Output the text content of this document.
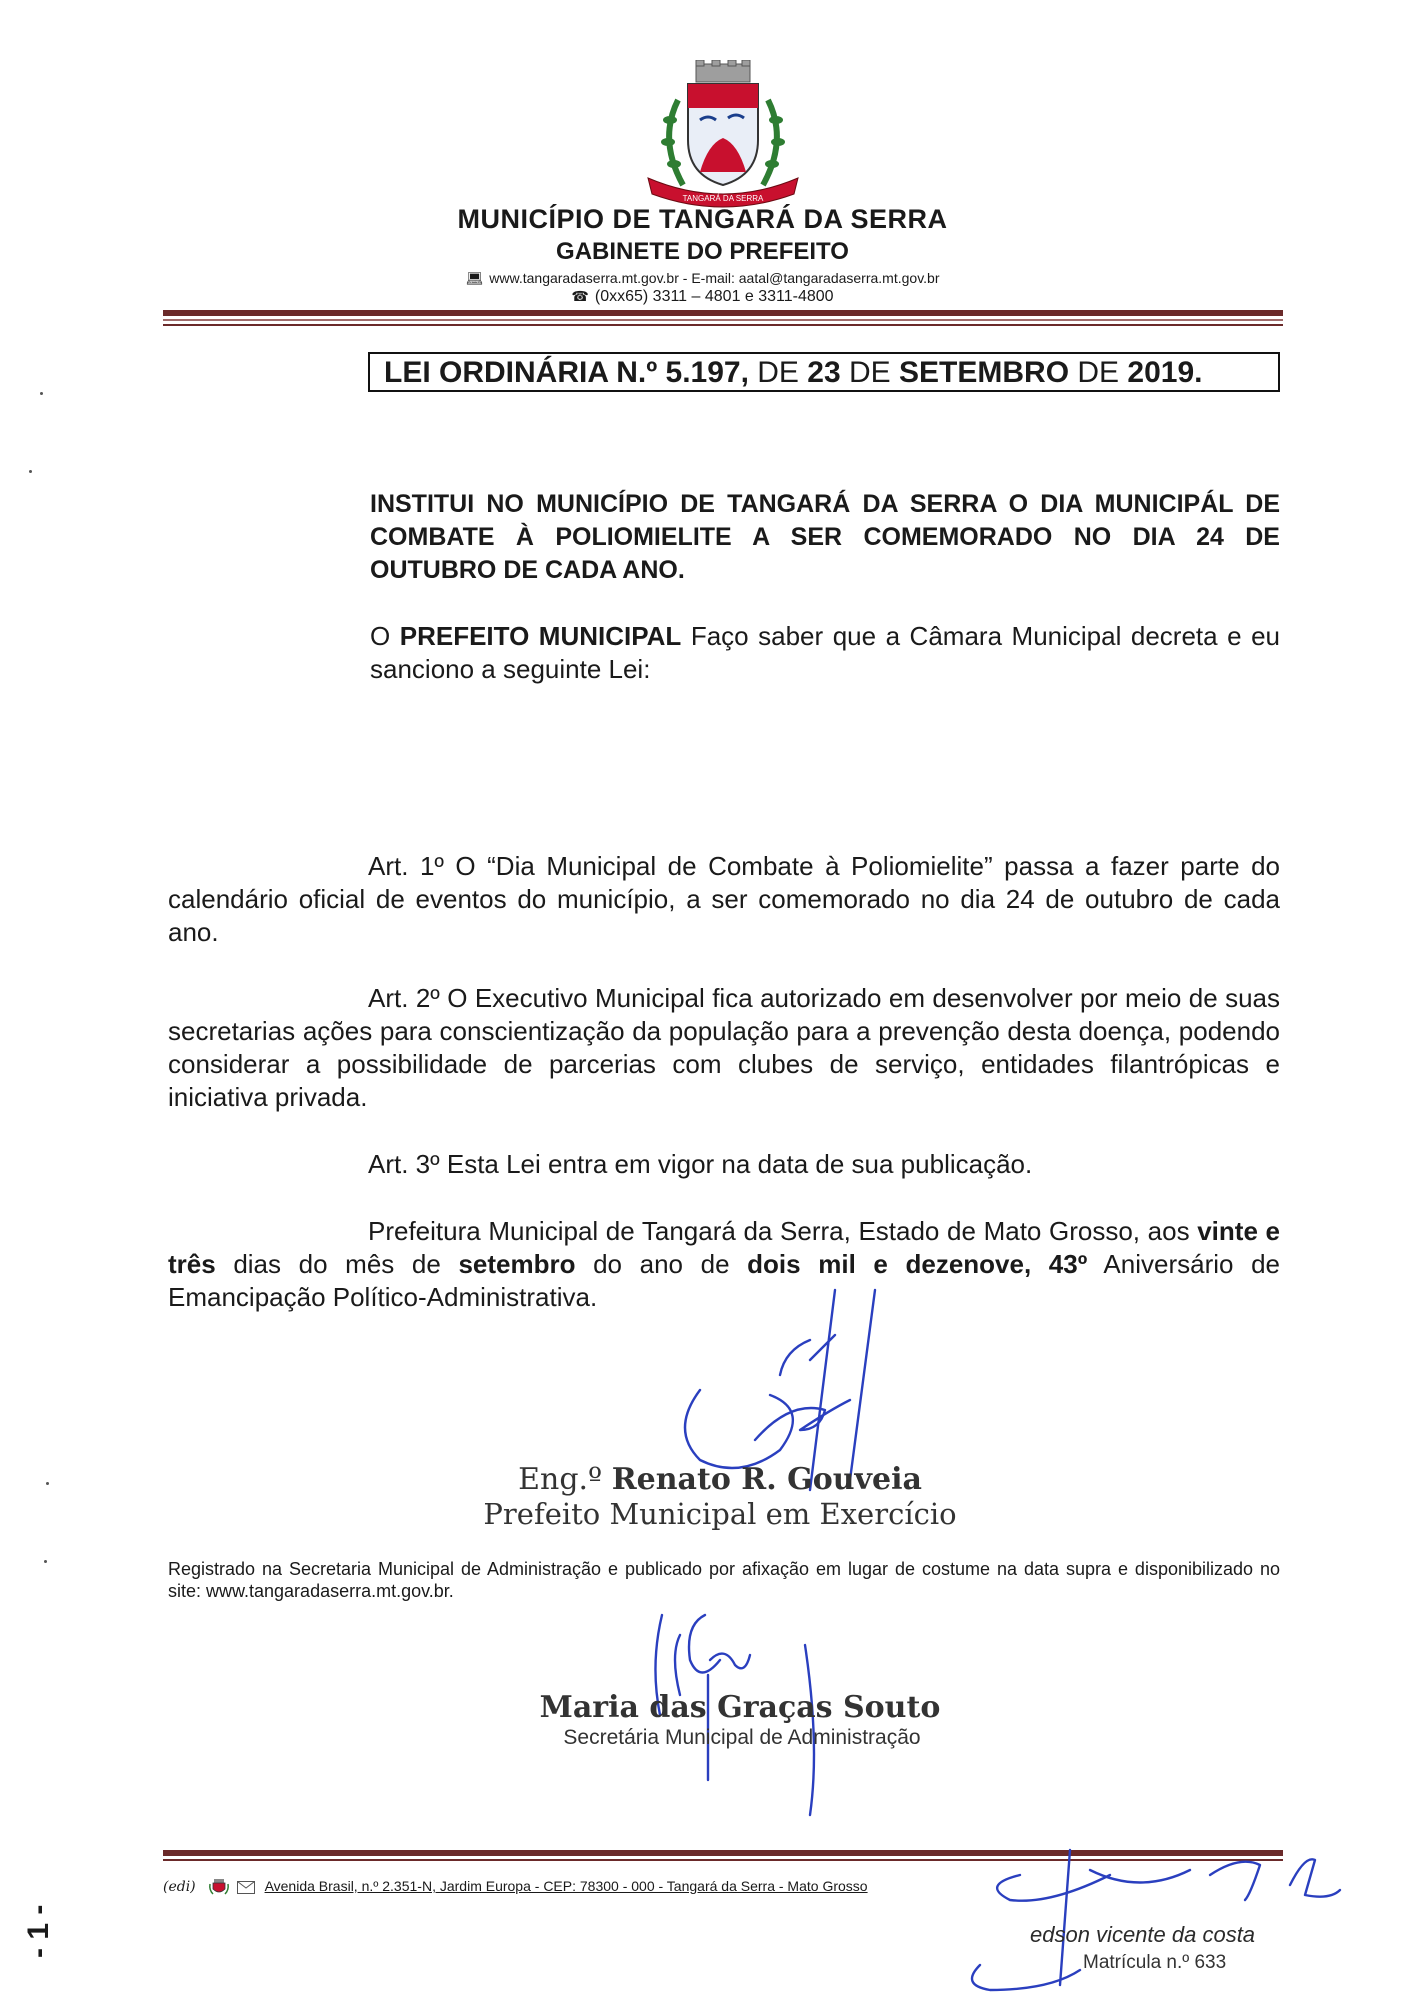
TANGARÁ DA SERRA
MUNICÍPIO DE TANGARÁ DA SERRA
GABINETE DO PREFEITO
💻︎ www.tangaradaserra.mt.gov.br - E-mail: aatal@tangaradaserra.mt.gov.br
☎ (0xx65) 3311 – 4801 e 3311-4800
LEI ORDINÁRIA N.º 5.197, DE 23 DE SETEMBRO DE 2019.
INSTITUI NO MUNICÍPIO DE TANGARÁ DA SERRA O DIA MUNICIPÁL DE COMBATE À POLIOMIELITE A SER COMEMORADO NO DIA 24 DE OUTUBRO DE CADA ANO.
O PREFEITO MUNICIPAL Faço saber que a Câmara Municipal decreta e eu sanciono a seguinte Lei:
Art. 1º O “Dia Municipal de Combate à Poliomielite” passa a fazer parte do calendário oficial de eventos do município, a ser comemorado no dia 24 de outubro de cada ano.
Art. 2º O Executivo Municipal fica autorizado em desenvolver por meio de suas secretarias ações para conscientização da população para a prevenção desta doença, podendo considerar a possibilidade de parcerias com clubes de serviço, entidades filantrópicas e iniciativa privada.
Art. 3º Esta Lei entra em vigor na data de sua publicação.
Prefeitura Municipal de Tangará da Serra, Estado de Mato Grosso, aos vinte e três dias do mês de setembro do ano de dois mil e dezenove, 43º Aniversário de Emancipação Político-Administrativa.
Eng.º Renato R. Gouveia
Prefeito Municipal em Exercício
Registrado na Secretaria Municipal de Administração e publicado por afixação em lugar de costume na data supra e disponibilizado no site: www.tangaradaserra.mt.gov.br.
Maria das Graças Souto
Secretária Municipal de Administração
(edi)	Avenida Brasil, n.º 2.351-N, Jardim Europa - CEP: 78300 - 000 - Tangará da Serra - Mato Grosso
edson vicente da costa
Matrícula n.º 633
- 1 -
